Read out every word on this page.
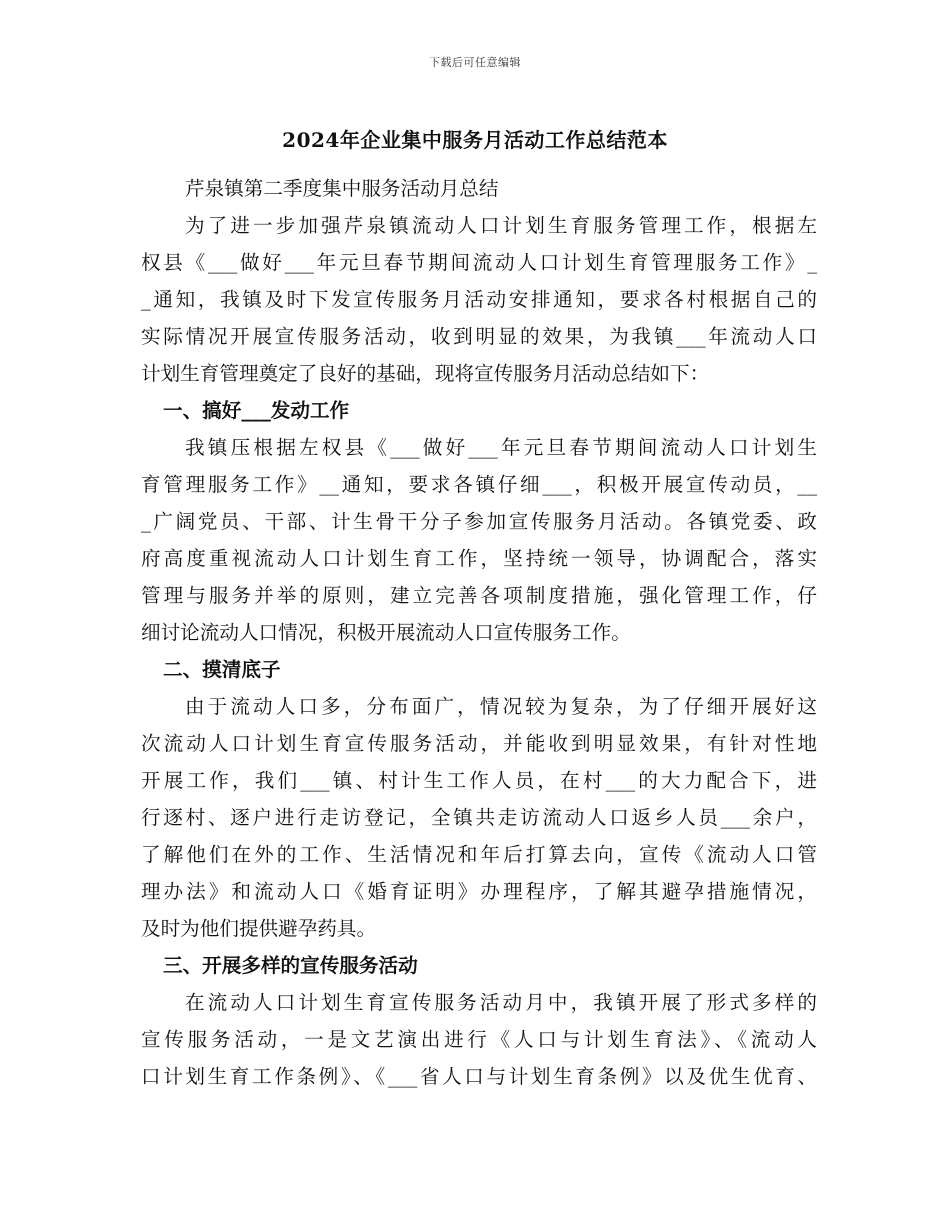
下载后可任意编辑
2024年企业集中服务月活动工作总结范本
芹泉镇第二季度集中服务活动月总结
为了进一步加强芹泉镇流动人口计划生育服务管理工作，根据左
权县《___做好___年元旦春节期间流动人口计划生育管理服务工作》_
_通知，我镇及时下发宣传服务月活动安排通知，要求各村根据自己的
实际情况开展宣传服务活动，收到明显的效果，为我镇___年流动人口
计划生育管理奠定了良好的基础，现将宣传服务月活动总结如下：
一、搞好___发动工作
我镇压根据左权县《___做好___年元旦春节期间流动人口计划生
育管理服务工作》__通知，要求各镇仔细___，积极开展宣传动员，__
_广阔党员、干部、计生骨干分子参加宣传服务月活动。各镇党委、政
府高度重视流动人口计划生育工作，坚持统一领导，协调配合，落实
管理与服务并举的原则，建立完善各项制度措施，强化管理工作，仔
细讨论流动人口情况，积极开展流动人口宣传服务工作。
二、摸清底子
由于流动人口多，分布面广，情况较为复杂，为了仔细开展好这
次流动人口计划生育宣传服务活动，并能收到明显效果，有针对性地
开展工作，我们___镇、村计生工作人员，在村___的大力配合下，进
行逐村、逐户进行走访登记，全镇共走访流动人口返乡人员___余户，
了解他们在外的工作、生活情况和年后打算去向，宣传《流动人口管
理办法》和流动人口《婚育证明》办理程序，了解其避孕措施情况，
及时为他们提供避孕药具。
三、开展多样的宣传服务活动
在流动人口计划生育宣传服务活动月中，我镇开展了形式多样的
宣传服务活动，一是文艺演出进行《人口与计划生育法》、《流动人
口计划生育工作条例》、《___省人口与计划生育条例》以及优生优育、
